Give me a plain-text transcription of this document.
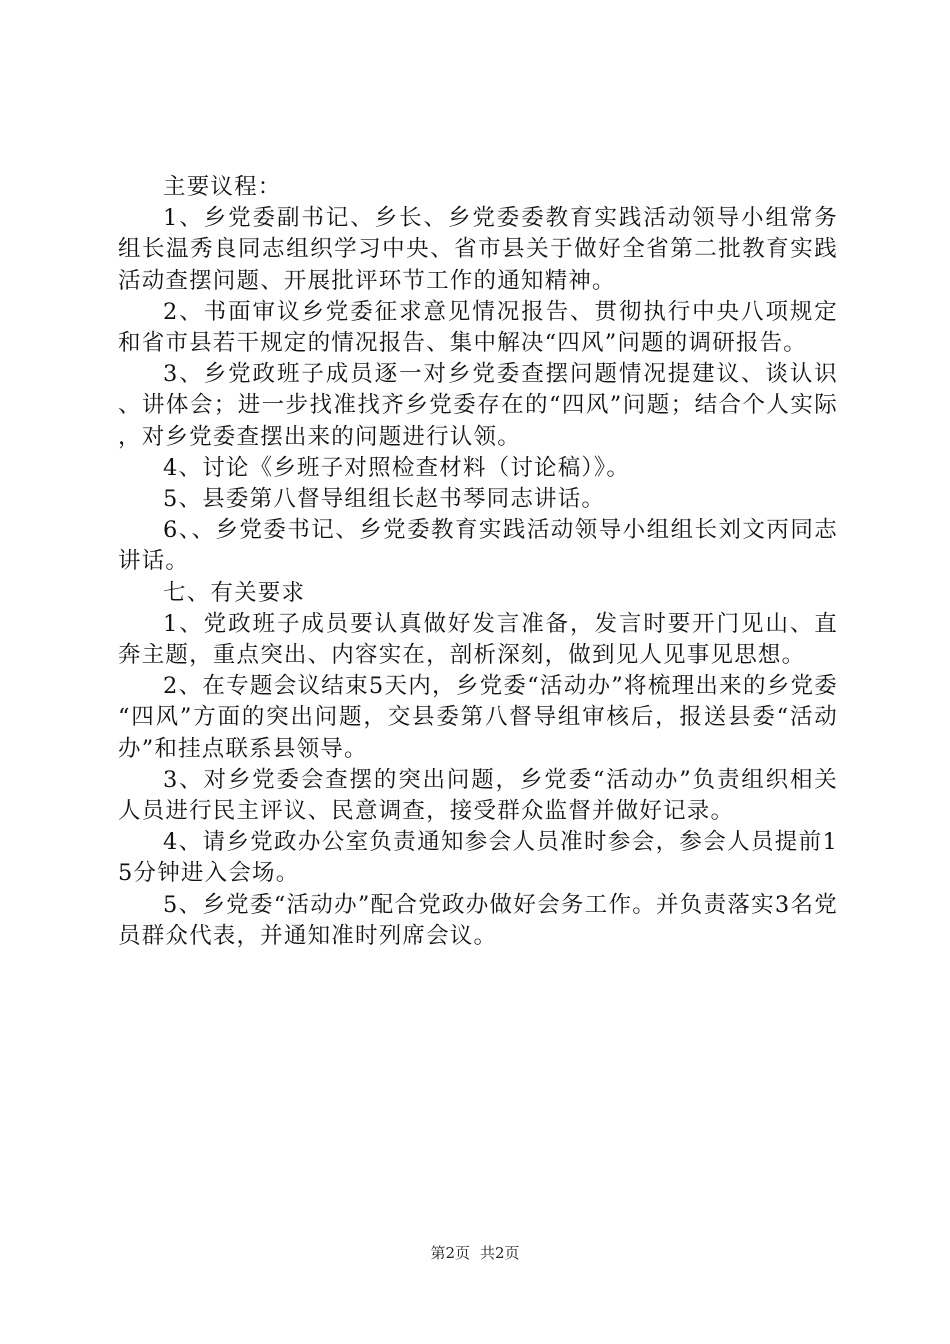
主要议程：

1、乡党委副书记、乡长、乡党委委教育实践活动领导小组常务组长温秀良同志组织学习中央、省市县关于做好全省第二批教育实践活动查摆问题、开展批评环节工作的通知精神。

2、书面审议乡党委征求意见情况报告、贯彻执行中央八项规定和省市县若干规定的情况报告、集中解决“四风”问题的调研报告。

3、乡党政班子成员逐一对乡党委查摆问题情况提建议、谈认识、讲体会；进一步找准找齐乡党委存在的“四风”问题；结合个人实际，对乡党委查摆出来的问题进行认领。

4、讨论《乡班子对照检查材料（讨论稿）》。

5、县委第八督导组组长赵书琴同志讲话。

6、、乡党委书记、乡党委教育实践活动领导小组组长刘文丙同志讲话。

七、有关要求

1、党政班子成员要认真做好发言准备，发言时要开门见山、直奔主题，重点突出、内容实在，剖析深刻，做到见人见事见思想。

2、在专题会议结束5天内，乡党委“活动办”将梳理出来的乡党委“四风”方面的突出问题，交县委第八督导组审核后，报送县委“活动办”和挂点联系县领导。

3、对乡党委会查摆的突出问题，乡党委“活动办”负责组织相关人员进行民主评议、民意调查，接受群众监督并做好记录。

4、请乡党政办公室负责通知参会人员准时参会，参会人员提前15分钟进入会场。

5、乡党委“活动办”配合党政办做好会务工作。并负责落实3名党员群众代表，并通知准时列席会议。

第2页 共2页
